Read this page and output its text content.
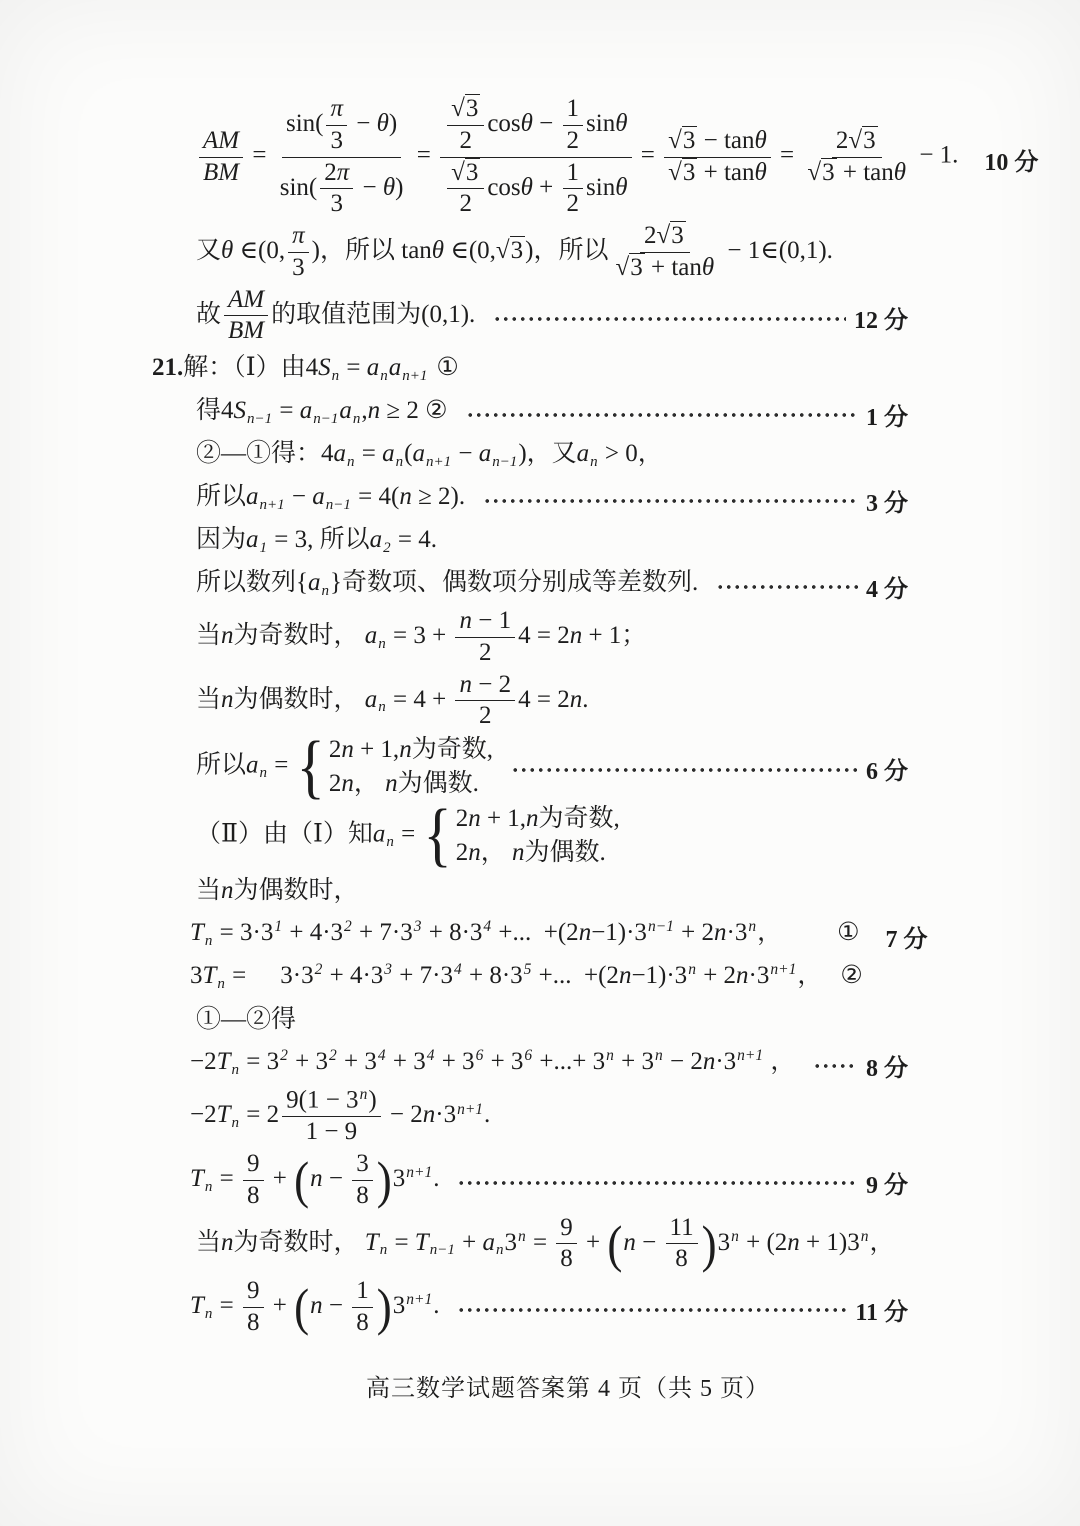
$\frac{AM}{BM} = \frac{\sin( \frac{\pi}{3} - \theta)}{\sin( \frac{2\pi}{3} - \theta)} = \frac{\frac{√3}{2} \cos\theta - \frac{1}{2} \sin\theta}{\frac{√3}{2} \cos\theta + \frac{1}{2} \sin\theta} = \frac{√3 - \tan\theta}{√3 + \tan\theta} = \frac{2√3}{√3 + \tan\theta} - 1$. 10 分
又θ ∈(0, $\frac{\pi}{3}$ )，所以 tanθ ∈(0,√3)，所以 $\frac{2√3}{√3 + \tan\theta}$ − 1∈(0,1).
故 $\frac{AM}{BM}$ 的取值范围为(0,1).	12 分
21.解：（Ⅰ）由4Sn = anan+1 ①
得4Sn−1 = an−1an,n ≥ 2 ②	1 分
②—①得：4an = an(an+1 − an−1)，又an > 0，
所以an+1 − an−1 = 4(n ≥ 2).	3 分
因为a1 = 3, 所以a2 = 4.
所以数列{an}奇数项、偶数项分别成等差数列.	4 分
当n为奇数时， an = $3 + \frac{n - 1}{2} 4 = 2n + 1$；
当n为偶数时， an = $4 + \frac{n - 2}{2} 4 = 2n$.
所以an = { 2n + 1,n为奇数,
2n， n为偶数.	6 分
（Ⅱ）由（Ⅰ）知an = { 2n + 1,n为奇数,
2n， n为偶数.
当n为偶数时，
$Tn = 3\cdot 3^1 + 4\cdot 3^2 + 7\cdot 3^3 + 8\cdot 3^4$ +...  $+(2n-1)\cdot 3^{n-1} + 2n\cdot 3^n$， ① 7 分
$3Tn = 3\cdot 3^2 + 4\cdot 3^3 + 7\cdot 3^4 + 8\cdot 3^5$ +...  $+(2n-1)\cdot 3^n + 2n\cdot 3^{n+1}$， ②
①—②得
$-2Tn = 3^2 + 3^2 + 3^4 + 3^4 + 3^6 + 3^6$ +...+ $3^n + 3^n - 2n\cdot 3^{n+1}$ ，	8 分
$-2Tn = 2 \frac{9(1 - 3^n)}{1 - 9} - 2n\cdot 3^{n+1}$.
$Tn = \frac{9}{8} + (n - \frac{3}{8} )3^{n+1}$.	9 分
当n为奇数时， $Tn = Tn-1 + an3^n = \frac{9}{8} + (n - \frac{11}{8} )3^n + (2n + 1)3^n$，
$Tn = \frac{9}{8} + (n - \frac{1}{8} )3^{n+1}$.	11 分
高三数学试题答案第 4 页（共 5 页）
